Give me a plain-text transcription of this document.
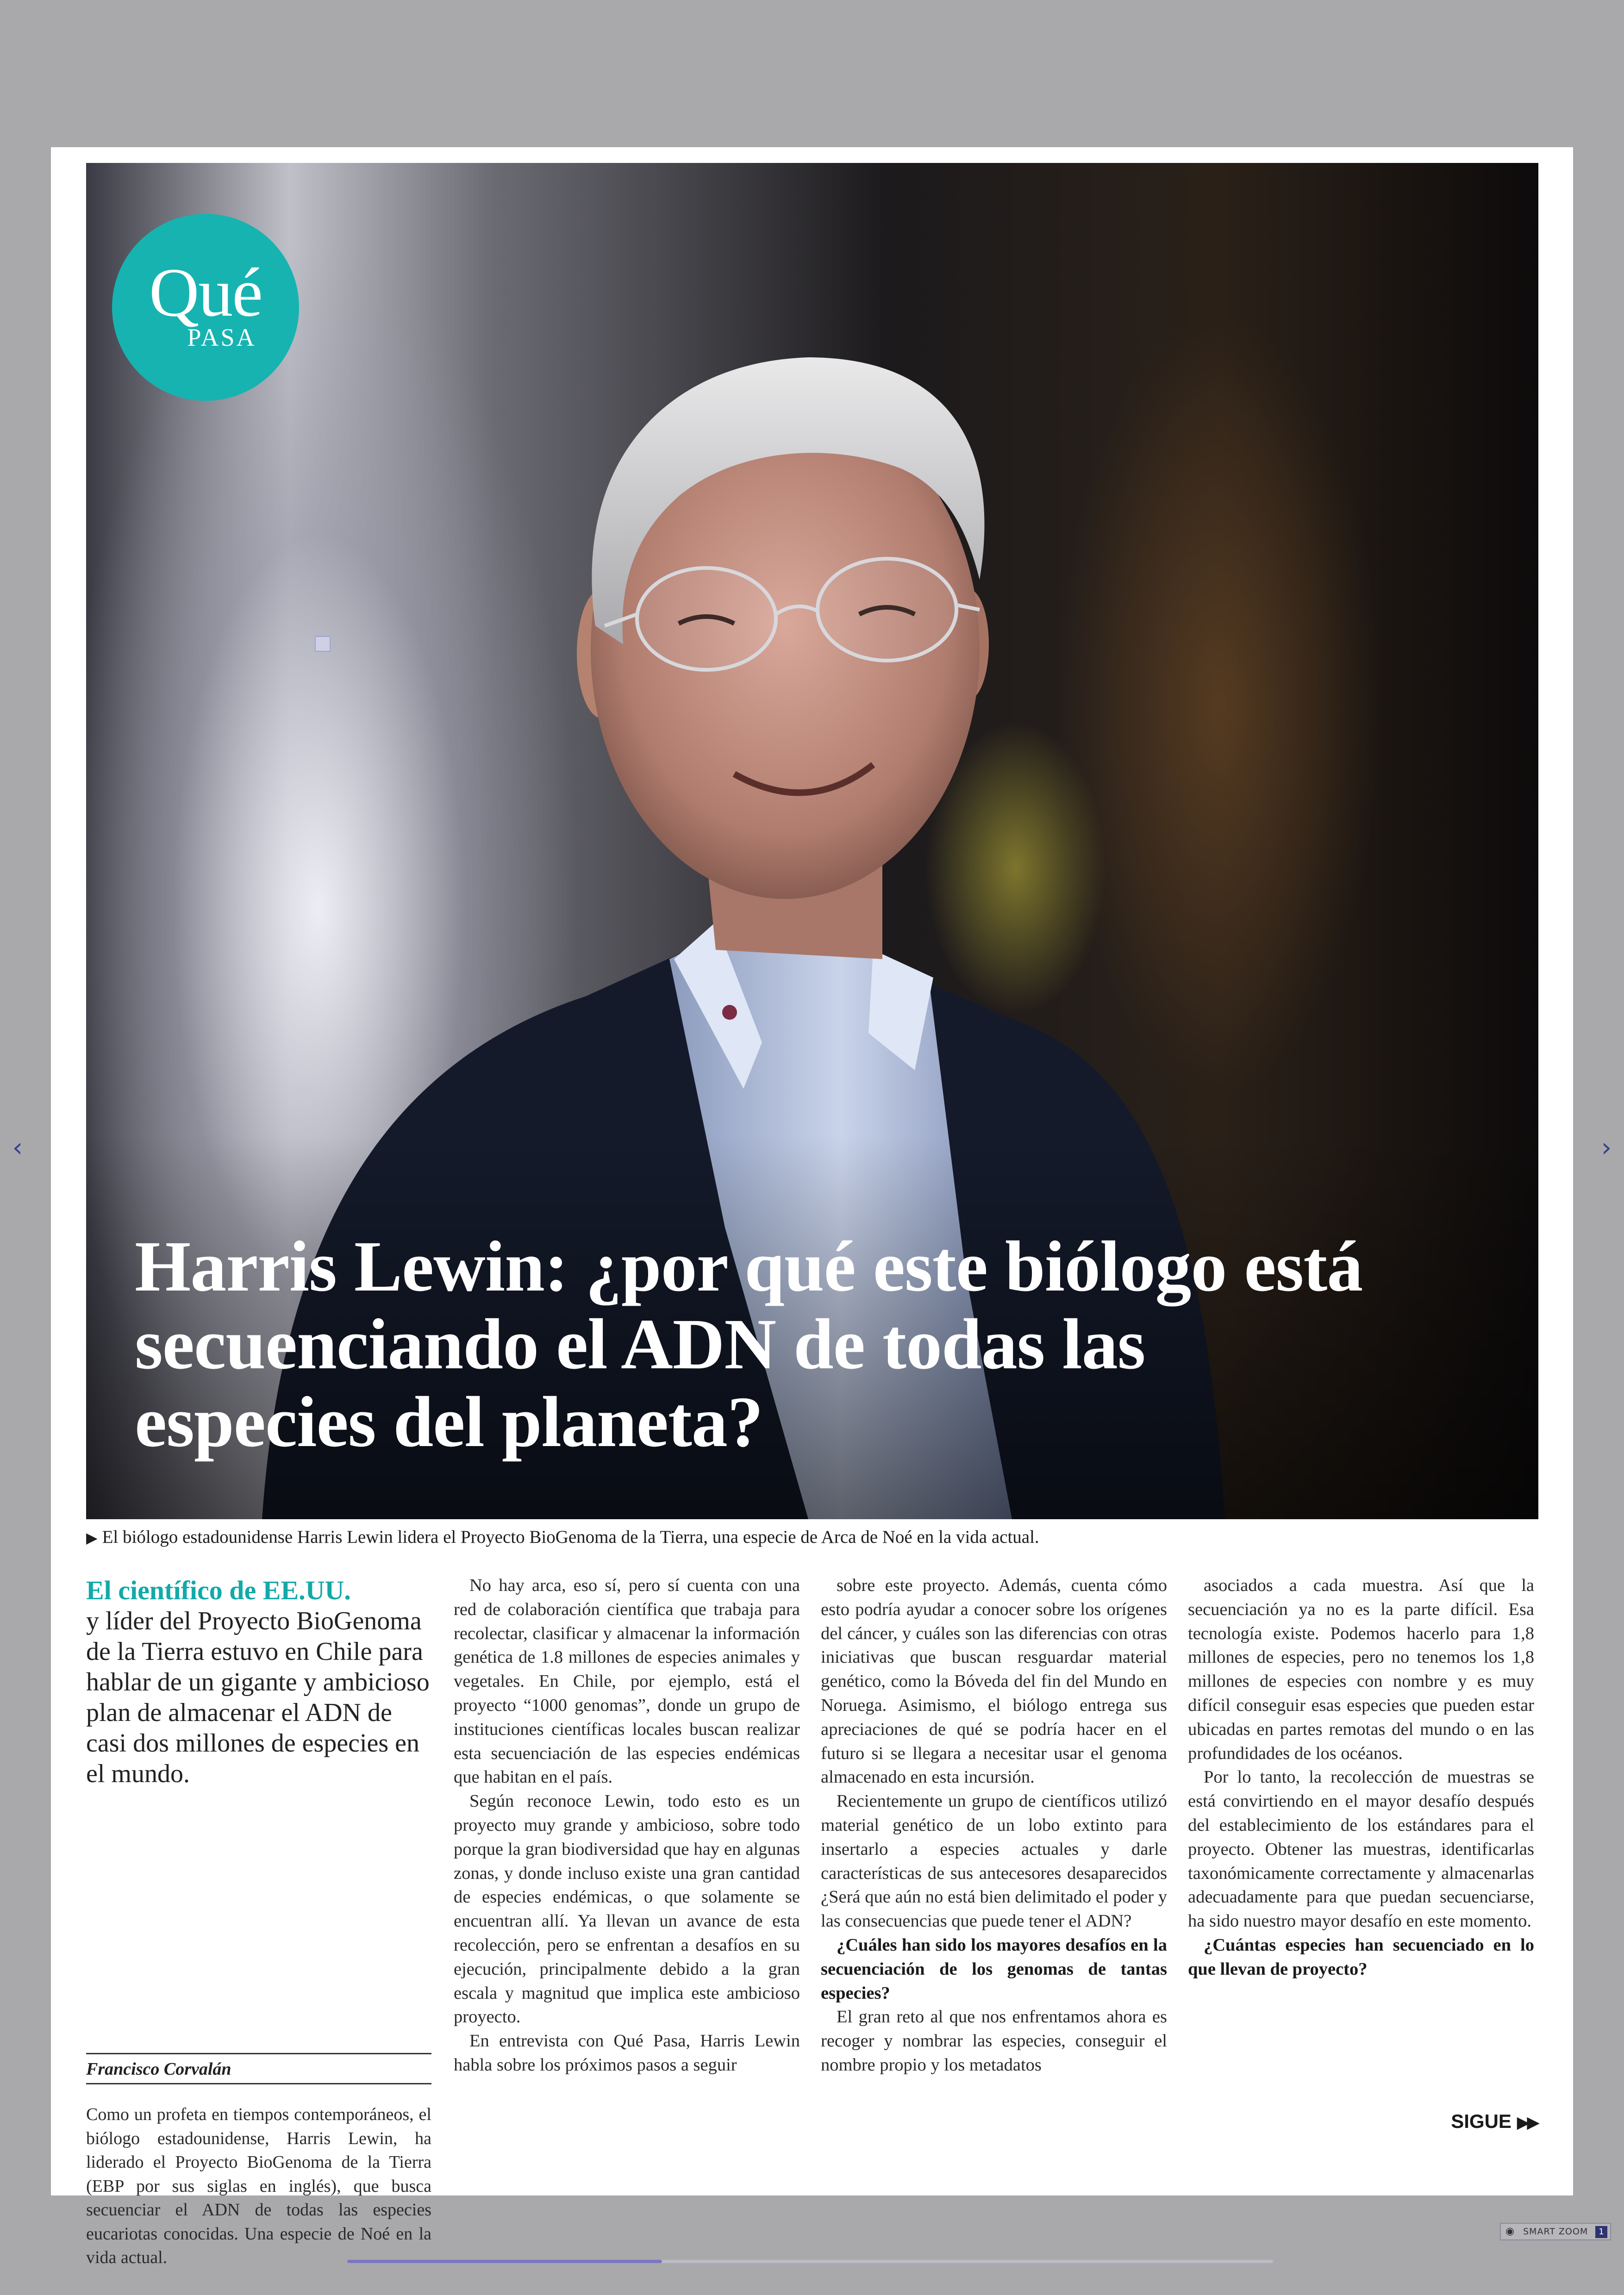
‹	›
Qué
PASA
Harris Lewin: ¿por qué este biólogo está secuenciando el ADN de todas las especies del planeta?
▶ El biólogo estadounidense Harris Lewin lidera el Proyecto BioGenoma de la Tierra, una especie de Arca de Noé en la vida actual.
El científico de EE.UU.
y líder del Proyecto BioGenoma de la Tierra estuvo en Chile para hablar de un gigante y ambicioso plan de almacenar el ADN de casi dos millones de especies en el mundo.
Francisco Corvalán

Como un profeta en tiempos contemporáneos, el biólogo estadounidense, Harris Lewin, ha liderado el Proyecto BioGenoma de la Tierra (EBP por sus siglas en inglés), que busca secuenciar el ADN de todas las especies eucariotas conocidas. Una especie de Noé en la vida actual.

No hay arca, eso sí, pero sí cuenta con una red de colaboración científica que trabaja para recolectar, clasificar y almacenar la información genética de 1.8 millones de especies animales y vegetales. En Chile, por ejemplo, está el proyecto “1000 genomas”, donde un grupo de instituciones científicas locales buscan realizar esta secuenciación de las especies endémicas que habitan en el país.

Según reconoce Lewin, todo esto es un proyecto muy grande y ambicioso, sobre todo porque la gran biodiversidad que hay en algunas zonas, y donde incluso existe una gran cantidad de especies endémicas, o que solamente se encuentran allí. Ya llevan un avance de esta recolección, pero se enfrentan a desafíos en su ejecución, principalmente debido a la gran escala y magnitud que implica este ambicioso proyecto.

En entrevista con Qué Pasa, Harris Lewin habla sobre los próximos pasos a seguir

sobre este proyecto. Además, cuenta cómo esto podría ayudar a conocer sobre los orígenes del cáncer, y cuáles son las diferencias con otras iniciativas que buscan resguardar material genético, como la Bóveda del fin del Mundo en Noruega. Asimismo, el biólogo entrega sus apreciaciones de qué se podría hacer en el futuro si se llegara a necesitar usar el genoma almacenado en esta incursión.

Recientemente un grupo de científicos utilizó material genético de un lobo extinto para insertarlo a especies actuales y darle características de sus antecesores desaparecidos ¿Será que aún no está bien delimitado el poder y las consecuencias que puede tener el ADN?

¿Cuáles han sido los mayores desafíos en la secuenciación de los genomas de tantas especies?

El gran reto al que nos enfrentamos ahora es recoger y nombrar las especies, conseguir el nombre propio y los metadatos

asociados a cada muestra. Así que la secuenciación ya no es la parte difícil. Esa tecnología existe. Podemos hacerlo para 1,8 millones de especies, pero no tenemos los 1,8 millones de especies con nombre y es muy difícil conseguir esas especies que pueden estar ubicadas en partes remotas del mundo o en las profundidades de los océanos.

Por lo tanto, la recolección de muestras se está convirtiendo en el mayor desafío después del establecimiento de los estándares para el proyecto. Obtener las muestras, identificarlas taxonómicamente correctamente y almacenarlas adecuadamente para que puedan secuenciarse, ha sido nuestro mayor desafío en este momento.

¿Cuántas especies han secuenciado en lo que llevan de proyecto?

SIGUE ▶▶
◉ SMART ZOOM	1
